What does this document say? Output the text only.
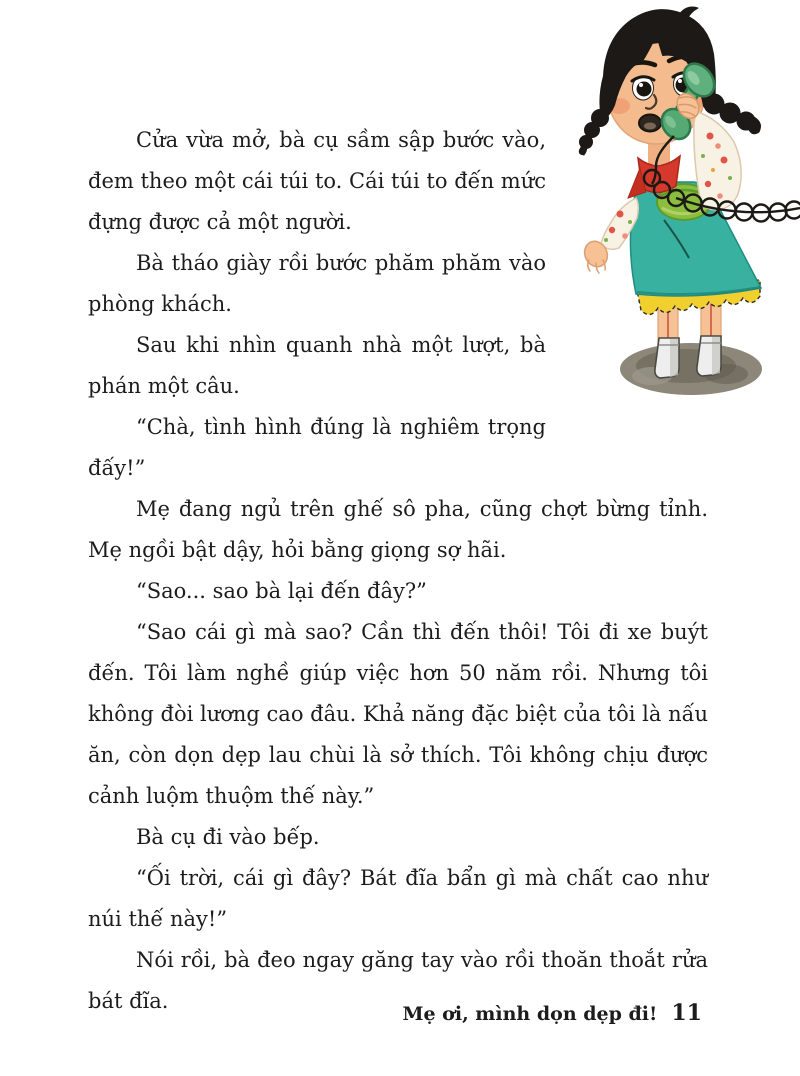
Cửa vừa mở, bà cụ sầm sập bước vào, đem theo một cái túi to. Cái túi to đến mức đựng được cả một người.

Bà tháo giày rồi bước phăm phăm vào phòng khách.

Sau khi nhìn quanh nhà một lượt, bà phán một câu.

“Chà, tình hình đúng là nghiêm trọng đấy!”

Mẹ đang ngủ trên ghế sô pha, cũng chợt bừng tỉnh. Mẹ ngồi bật dậy, hỏi bằng giọng sợ hãi.

“Sao... sao bà lại đến đây?”

“Sao cái gì mà sao? Cần thì đến thôi! Tôi đi xe buýt đến. Tôi làm nghề giúp việc hơn 50 năm rồi. Nhưng tôi không đòi lương cao đâu. Khả năng đặc biệt của tôi là nấu ăn, còn dọn dẹp lau chùi là sở thích. Tôi không chịu được cảnh luộm thuộm thế này.”

Bà cụ đi vào bếp.

“Ối trời, cái gì đây? Bát đĩa bẩn gì mà chất cao như núi thế này!”

Nói rồi, bà đeo ngay găng tay vào rồi thoăn thoắt rửa bát đĩa.

Mẹ ơi, mình dọn dẹp đi! 11
